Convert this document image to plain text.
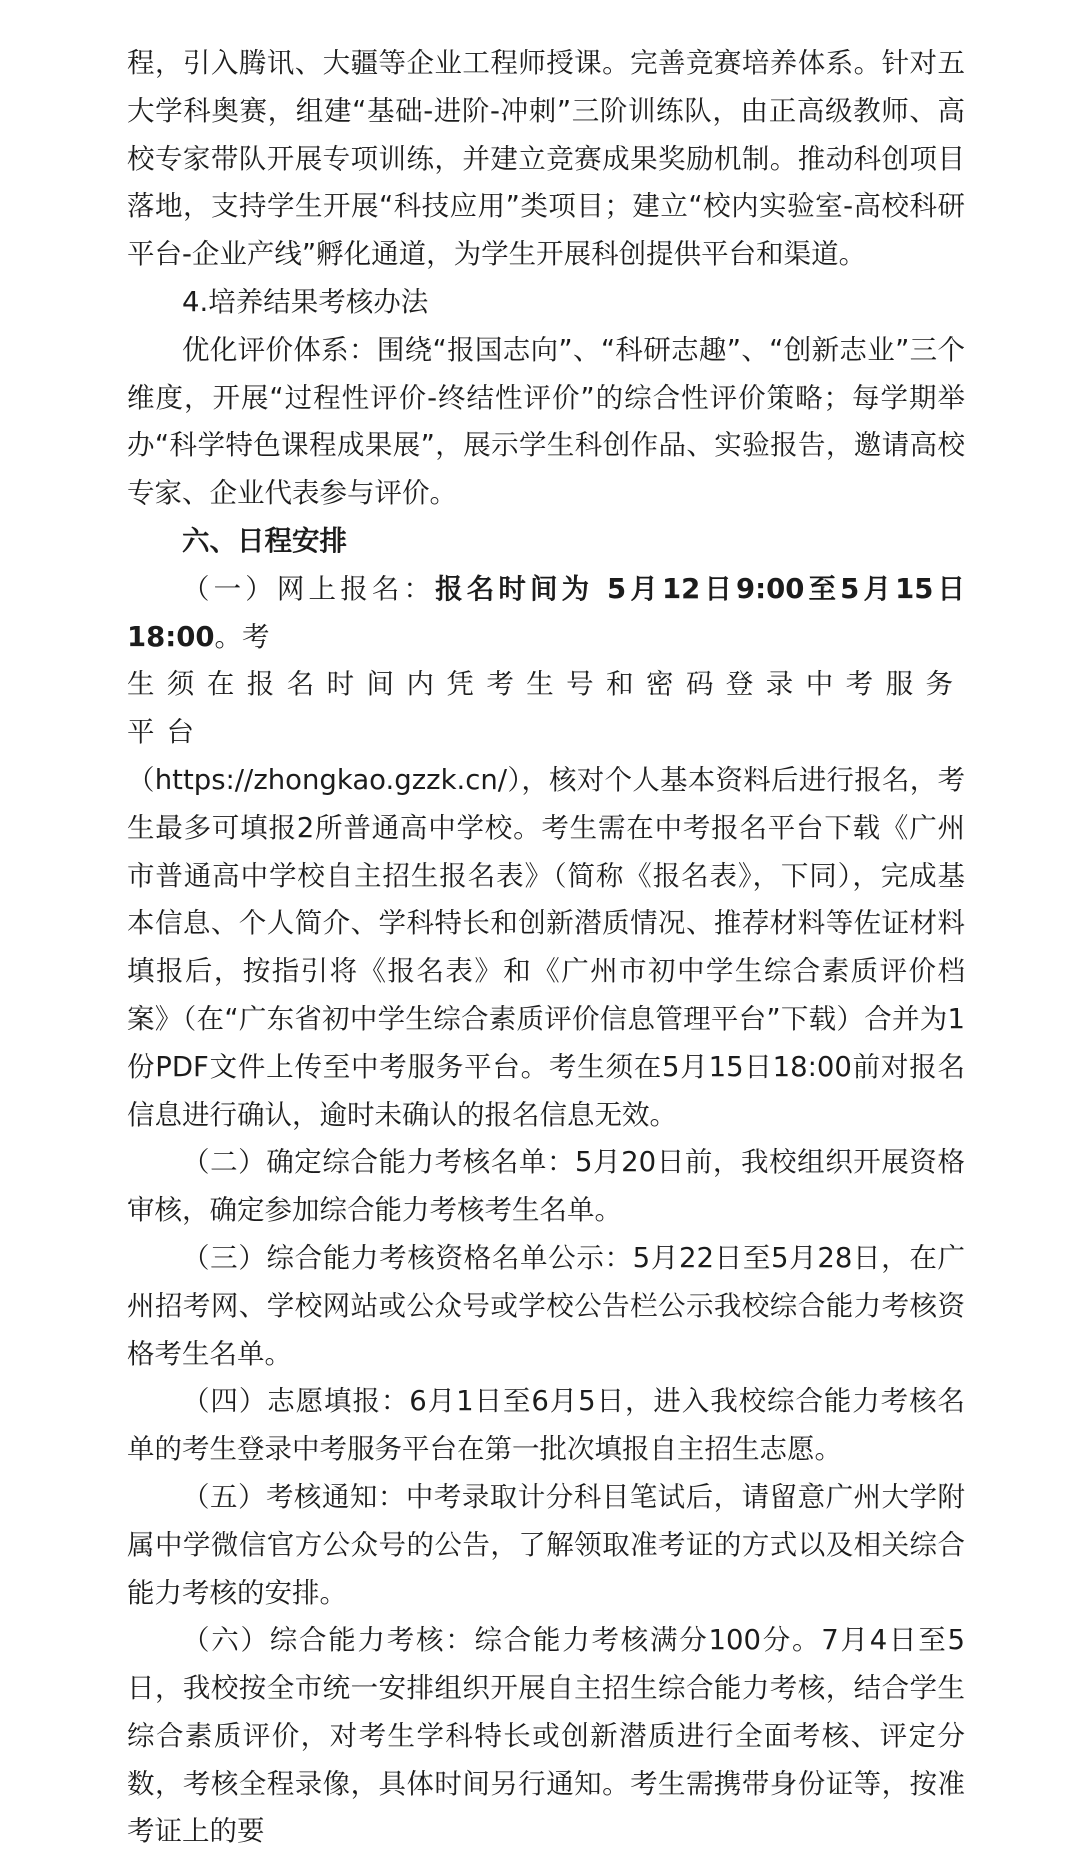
程，引入腾讯、大疆等企业工程师授课。完善竞赛培养体系。针对五大学科奥赛，组建“基础-进阶-冲刺”三阶训练队，由正高级教师、高校专家带队开展专项训练，并建立竞赛成果奖励机制。推动科创项目落地，支持学生开展“科技应用”类项目；建立“校内实验室-高校科研平台-企业产线”孵化通道，为学生开展科创提供平台和渠道。

4.培养结果考核办法

优化评价体系：围绕“报国志向”、“科研志趣”、“创新志业”三个维度，开展“过程性评价-终结性评价”的综合性评价策略；每学期举办“科学特色课程成果展”，展示学生科创作品、实验报告，邀请高校专家、企业代表参与评价。

六、日程安排

（一）网上报名：报名时间为 5月12日9:00至5月15日18:00。考
生须在报名时间内凭考生号和密码登录中考服务平台
（https://zhongkao.gzzk.cn/），核对个人基本资料后进行报名，考生最多可填报2所普通高中学校。考生需在中考报名平台下载《广州市普通高中学校自主招生报名表》（简称《报名表》，下同），完成基本信息、个人简介、学科特长和创新潜质情况、推荐材料等佐证材料填报后，按指引将《报名表》和《广州市初中学生综合素质评价档案》（在“广东省初中学生综合素质评价信息管理平台”下载）合并为1份PDF文件上传至中考服务平台。考生须在5月15日18:00前对报名信息进行确认，逾时未确认的报名信息无效。

（二）确定综合能力考核名单：5月20日前，我校组织开展资格审核，确定参加综合能力考核考生名单。

（三）综合能力考核资格名单公示：5月22日至5月28日，在广州招考网、学校网站或公众号或学校公告栏公示我校综合能力考核资格考生名单。

（四）志愿填报：6月1日至6月5日，进入我校综合能力考核名单的考生登录中考服务平台在第一批次填报自主招生志愿。

（五）考核通知：中考录取计分科目笔试后，请留意广州大学附属中学微信官方公众号的公告，了解领取准考证的方式以及相关综合能力考核的安排。

（六）综合能力考核：综合能力考核满分100分。7月4日至5日，我校按全市统一安排组织开展自主招生综合能力考核，结合学生综合素质评价，对考生学科特长或创新潜质进行全面考核、评定分数，考核全程录像，具体时间另行通知。考生需携带身份证等，按准考证上的要
